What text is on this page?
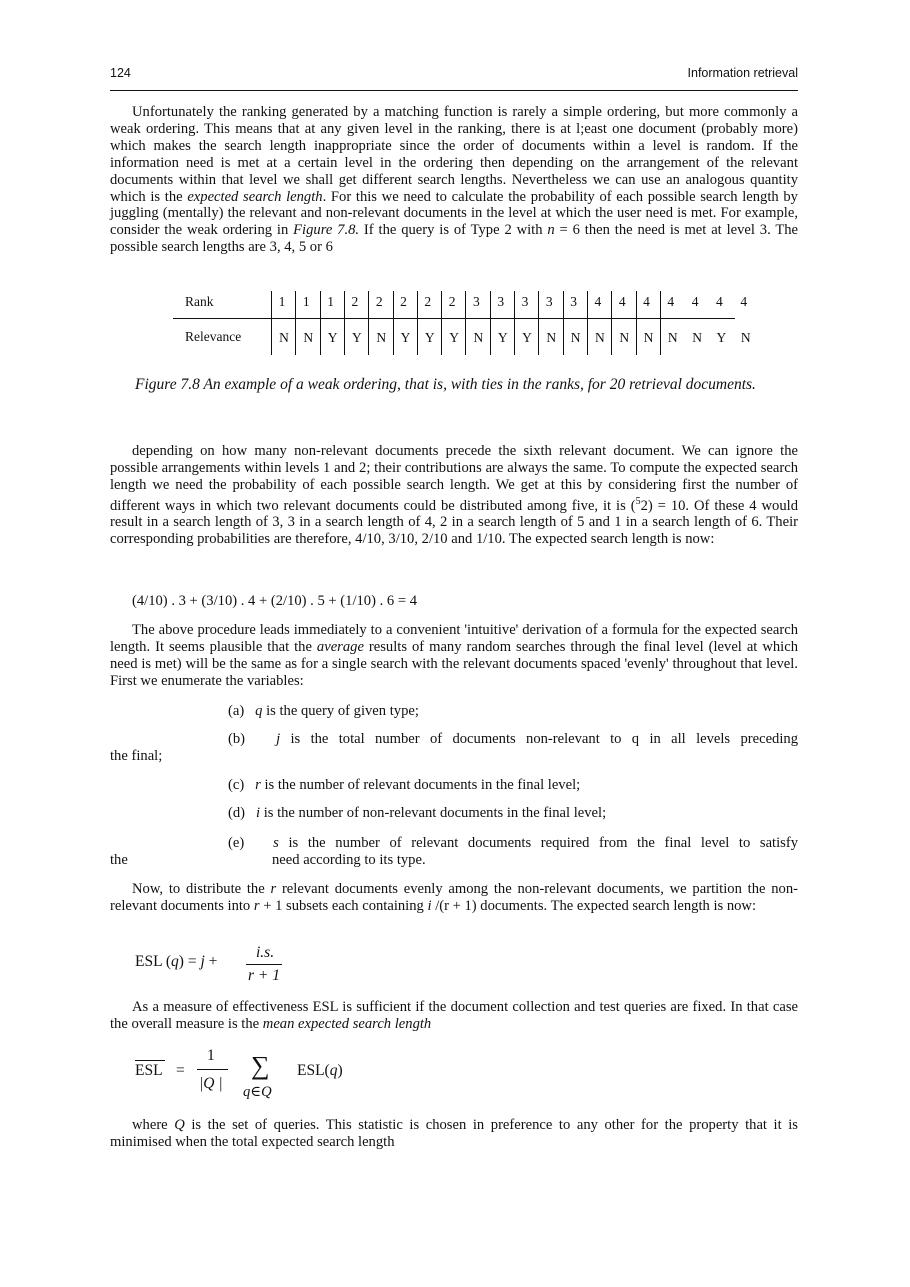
124	Information retrieval

Unfortunately the ranking generated by a matching function is rarely a simple ordering, but more commonly a weak ordering. This means that at any given level in the ranking, there is at l;east one document (probably more) which makes the search length inappropriate since the order of documents within a level is random. If the information need is met at a certain level in the ordering then depending on the arrangement of the relevant documents within that level we shall get different search lengths. Nevertheless we can use an analogous quantity which is the expected search length. For this we need to calculate the probability of each possible search length by juggling (mentally) the relevant and non-relevant documents in the level at which the user need is met. For example, consider the weak ordering in Figure 7.8. If the query is of Type 2 with n = 6 then the need is met at level 3. The possible search lengths are 3, 4, 5 or 6

Rank
Relevance
1
N
1
N
1
Y
2
Y
2
N
2
Y
2
Y
2
Y
3
N
3
Y
3
Y
3
N
3
N
4
N
4
N
4
N
4
N
4
N
4
Y
4
N
Figure 7.8 An example of a weak ordering, that is, with ties in the ranks, for 20 retrieval documents.

depending on how many non-relevant documents precede the sixth relevant document. We can ignore the possible arrangements within levels 1 and 2; their contributions are always the same. To compute the expected search length we need the probability of each possible search length. We get at this by considering first the number of different ways in which two relevant documents could be distributed among five, it is ($^5$2) = 10. Of these 4 would result in a search length of 3, 3 in a search length of 4, 2 in a search length of 5 and 1 in a search length of 6. Their corresponding probabilities are therefore, 4/10, 3/10, 2/10 and 1/10. The expected search length is now:

(4/10) . 3 + (3/10) . 4 + (2/10) . 5 + (1/10) . 6 = 4

The above procedure leads immediately to a convenient 'intuitive' derivation of a formula for the expected search length. It seems plausible that the average results of many random searches through the final level (level at which need is met) will be the same as for a single search with the relevant documents spaced 'evenly' throughout that level. First we enumerate the variables:

(a) q is the query of given type;
(b) j is the total number of documents non-relevant to q in all levels preceding
the final;
(c) r is the number of relevant documents in the final level;
(d) i is the number of non-relevant documents in the final level;
(e) s is the number of relevant documents required from the final level to satisfy
the	need according to its type.

Now, to distribute the r relevant documents evenly among the non-relevant documents, we partition the non-relevant documents into r + 1 subsets each containing i /(r + 1) documents. The expected search length is now:

ESL (q) = j +
i.s.
r + 1

As a measure of effectiveness ESL is sufficient if the document collection and test queries are fixed. In that case the overall measure is the mean expected search length

ESL =
1
|Q |
∑
q∈Q
ESL(q)

where Q is the set of queries. This statistic is chosen in preference to any other for the property that it is minimised when the total expected search length
